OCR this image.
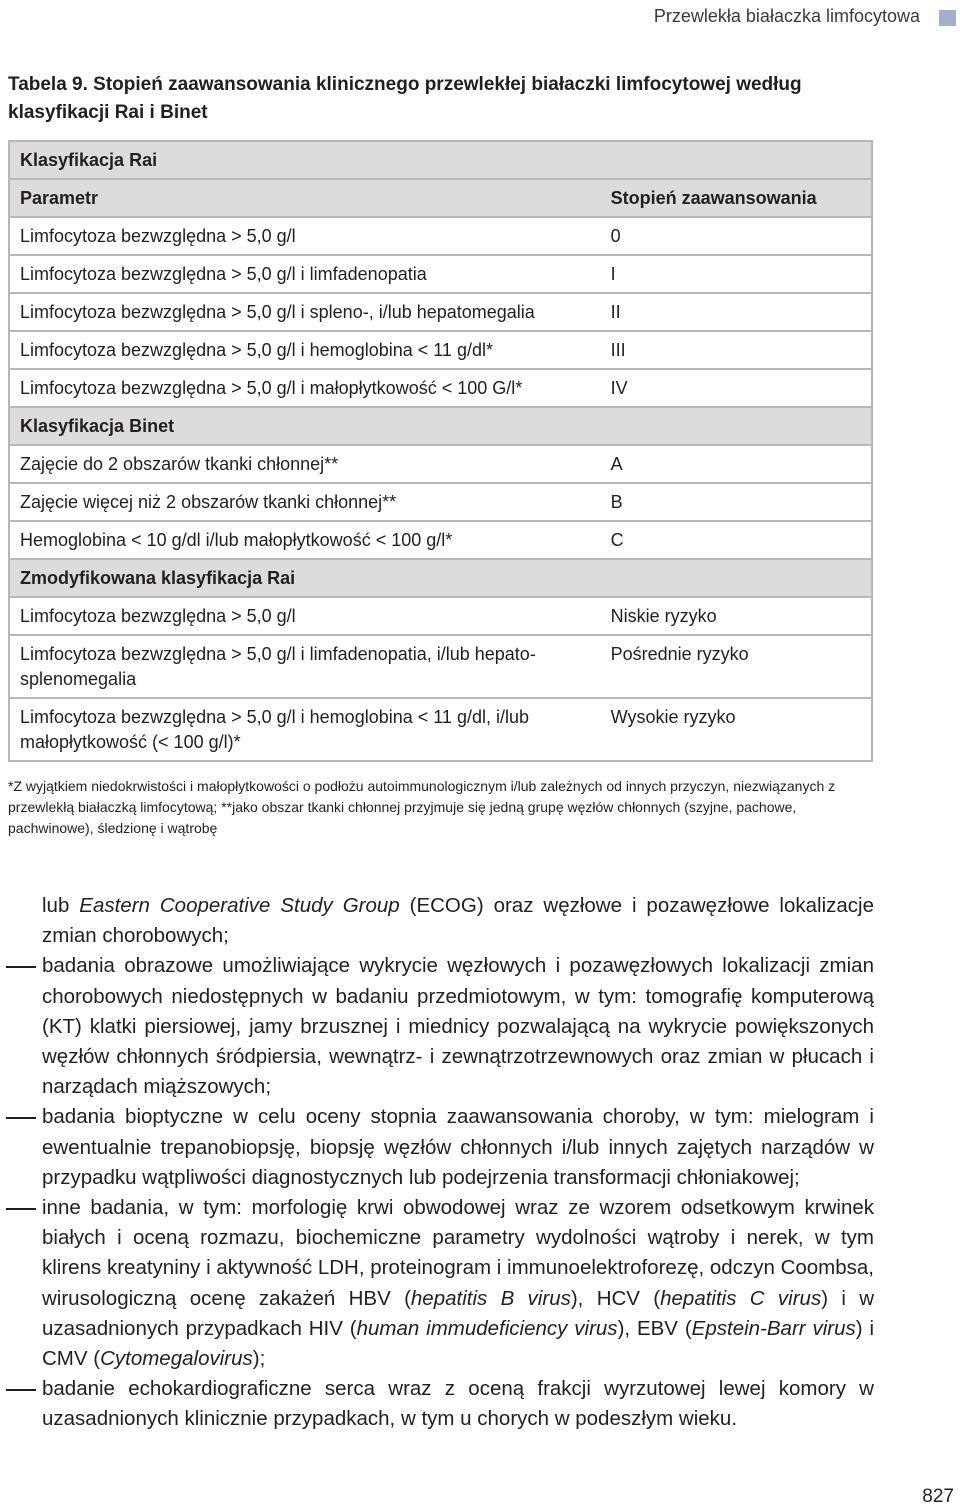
Przewlekła białaczka limfocytowa
Tabela 9. Stopień zaawansowania klinicznego przewlekłej białaczki limfocytowej według klasyfikacji Rai i Binet
Klasyfikacja Rai	
Parametr	Stopień zaawansowania
Limfocytoza bezwzględna > 5,0 g/l	0
Limfocytoza bezwzględna > 5,0 g/l i limfadenopatia	I
Limfocytoza bezwzględna > 5,0 g/l i spleno-, i/lub hepatomegalia	II
Limfocytoza bezwzględna > 5,0 g/l i hemoglobina < 11 g/dl*	III
Limfocytoza bezwzględna > 5,0 g/l i małopłytkowość < 100 G/l*	IV
Klasyfikacja Binet	
Zajęcie do 2 obszarów tkanki chłonnej**	A
Zajęcie więcej niż 2 obszarów tkanki chłonnej**	B
Hemoglobina < 10 g/dl i/lub małopłytkowość < 100 g/l*	C
Zmodyfikowana klasyfikacja Rai	
Limfocytoza bezwzględna > 5,0 g/l	Niskie ryzyko
Limfocytoza bezwzględna > 5,0 g/l i limfadenopatia, i/lub hepato-splenomegalia	Pośrednie ryzyko
Limfocytoza bezwzględna > 5,0 g/l i hemoglobina < 11 g/dl, i/lub małopłytkowość (< 100 g/l)*	Wysokie ryzyko
*Z wyjątkiem niedokrwistości i małopłytkowości o podłożu autoimmunologicznym i/lub zależnych od innych przyczyn, niezwiązanych z przewlekłą białaczką limfocytową; **jako obszar tkanki chłonnej przyjmuje się jedną grupę węzłów chłonnych (szyjne, pachowe, pachwinowe), śledzionę i wątrobę
lub Eastern Cooperative Study Group (ECOG) oraz węzłowe i pozawęzłowe lokalizacje zmian chorobowych;
badania obrazowe umożliwiające wykrycie węzłowych i pozawęzłowych lokalizacji zmian chorobowych niedostępnych w badaniu przedmiotowym, w tym: tomografię komputerową (KT) klatki piersiowej, jamy brzusznej i miednicy pozwalającą na wykrycie powiększonych węzłów chłonnych śródpiersia, wewnątrz- i zewnątrzotrzewnowych oraz zmian w płucach i narządach miąższowych;
badania bioptyczne w celu oceny stopnia zaawansowania choroby, w tym: mielogram i ewentualnie trepanobiopsję, biopsję węzłów chłonnych i/lub innych zajętych narządów w przypadku wątpliwości diagnostycznych lub podejrzenia transformacji chłoniakowej;
inne badania, w tym: morfologię krwi obwodowej wraz ze wzorem odsetkowym krwinek białych i oceną rozmazu, biochemiczne parametry wydolności wątroby i nerek, w tym klirens kreatyniny i aktywność LDH, proteinogram i immunoelektroforezę, odczyn Coombsa, wirusologiczną ocenę zakażeń HBV (hepatitis B virus), HCV (hepatitis C virus) i w uzasadnionych przypadkach HIV (human immudeficiency virus), EBV (Epstein-Barr virus) i CMV (Cytomegalovirus);
badanie echokardiograficzne serca wraz z oceną frakcji wyrzutowej lewej komory w uzasadnionych klinicznie przypadkach, w tym u chorych w podeszłym wieku.
827
